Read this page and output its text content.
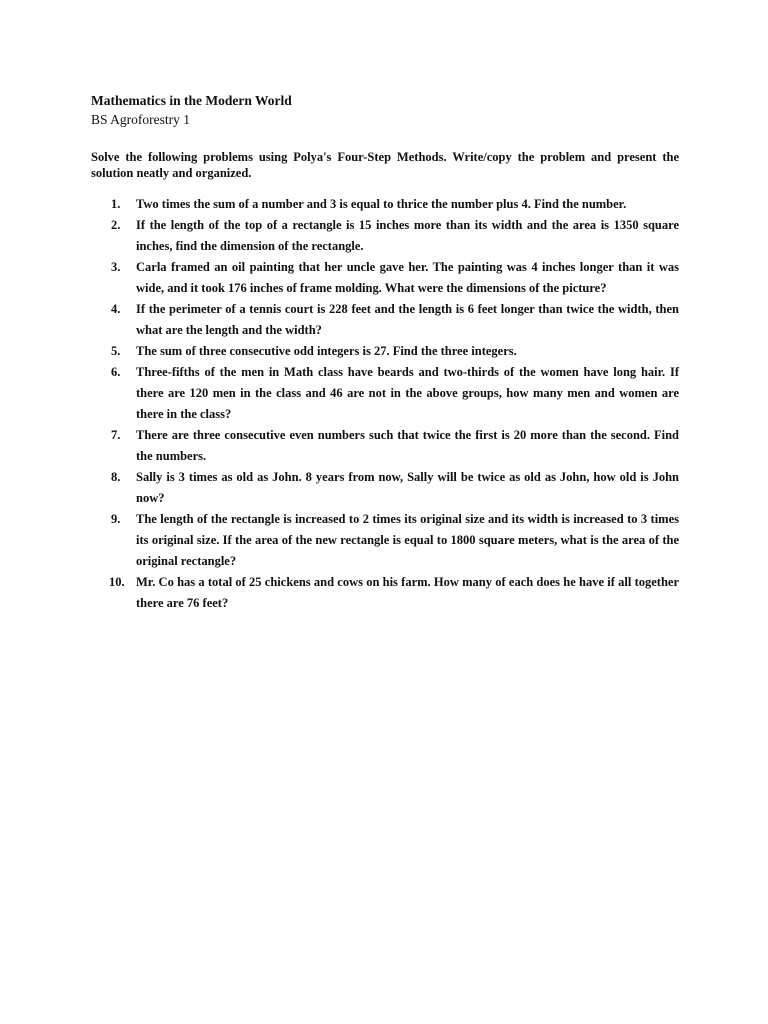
Mathematics in the Modern World
BS Agroforestry 1

Solve the following problems using Polya's Four-Step Methods. Write/copy the problem and present the solution neatly and organized.

1.	Two times the sum of a number and 3 is equal to thrice the number plus 4. Find the number.
2.	If the length of the top of a rectangle is 15 inches more than its width and the area is 1350 square inches, find the dimension of the rectangle.
3.	Carla framed an oil painting that her uncle gave her. The painting was 4 inches longer than it was wide, and it took 176 inches of frame molding. What were the dimensions of the picture?
4.	If the perimeter of a tennis court is 228 feet and the length is 6 feet longer than twice the width, then what are the length and the width?
5.	The sum of three consecutive odd integers is 27. Find the three integers.
6.	Three-fifths of the men in Math class have beards and two-thirds of the women have long hair. If there are 120 men in the class and 46 are not in the above groups, how many men and women are there in the class?
7.	There are three consecutive even numbers such that twice the first is 20 more than the second. Find the numbers.
8.	Sally is 3 times as old as John. 8 years from now, Sally will be twice as old as John, how old is John now?
9.	The length of the rectangle is increased to 2 times its original size and its width is increased to 3 times its original size. If the area of the new rectangle is equal to 1800 square meters, what is the area of the original rectangle?
10. Mr. Co has a total of 25 chickens and cows on his farm. How many of each does he have if all together there are 76 feet?
